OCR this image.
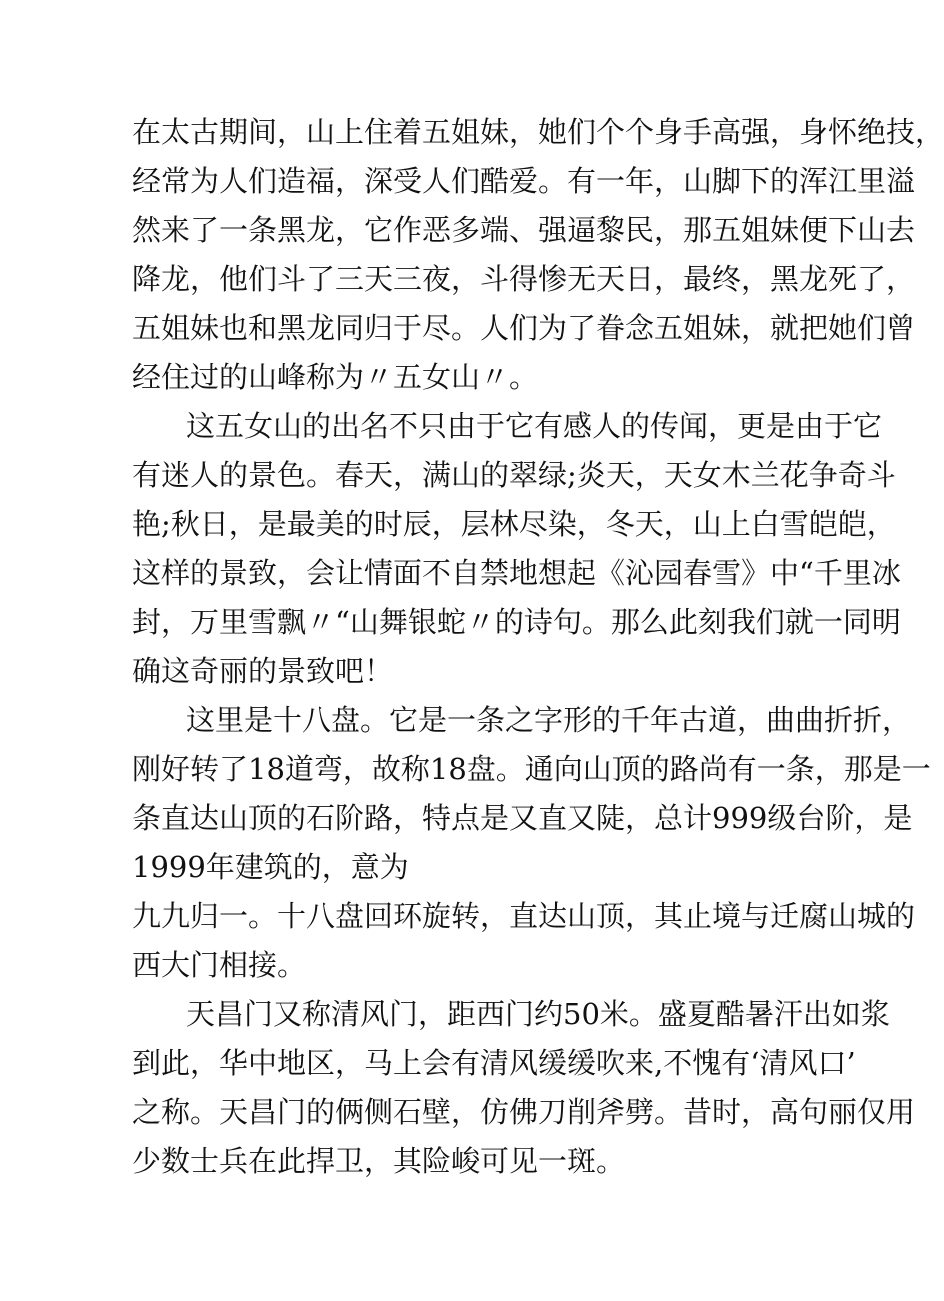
在太古期间，山上住着五姐妹，她们个个身手高强，身怀绝技，
经常为人们造福，深受人们酷爱。有一年，山脚下的浑江里溢
然来了一条黑龙，它作恶多端、强逼黎民，那五姐妹便下山去
降龙，他们斗了三天三夜，斗得惨无天日，最终，黑龙死了，
五姐妹也和黑龙同归于尽。人们为了眷念五姐妹，就把她们曾
经住过的山峰称为〃五女山〃。
这五女山的出名不只由于它有感人的传闻，更是由于它
有迷人的景色。春天，满山的翠绿;炎天，天女木兰花争奇斗
艳;秋日，是最美的时辰，层林尽染，冬天，山上白雪皑皑，
这样的景致，会让情面不自禁地想起《沁园春雪》中“千里冰
封，万里雪飘〃“山舞银蛇〃的诗句。那么此刻我们就一同明
确这奇丽的景致吧！
这里是十八盘。它是一条之字形的千年古道，曲曲折折，
刚好转了18道弯，故称18盘。通向山顶的路尚有一条，那是一
条直达山顶的石阶路，特点是又直又陡，总计999级台阶，是
1999年建筑的，意为
九九归一。十八盘回环旋转，直达山顶，其止境与迁腐山城的
西大门相接。
天昌门又称清风门，距西门约50米。盛夏酷暑汗出如浆
到此，华中地区，马上会有清风缓缓吹来,不愧有‘清风口’
之称。天昌门的俩侧石壁，仿佛刀削斧劈。昔时，高句丽仅用
少数士兵在此捍卫，其险峻可见一斑。
